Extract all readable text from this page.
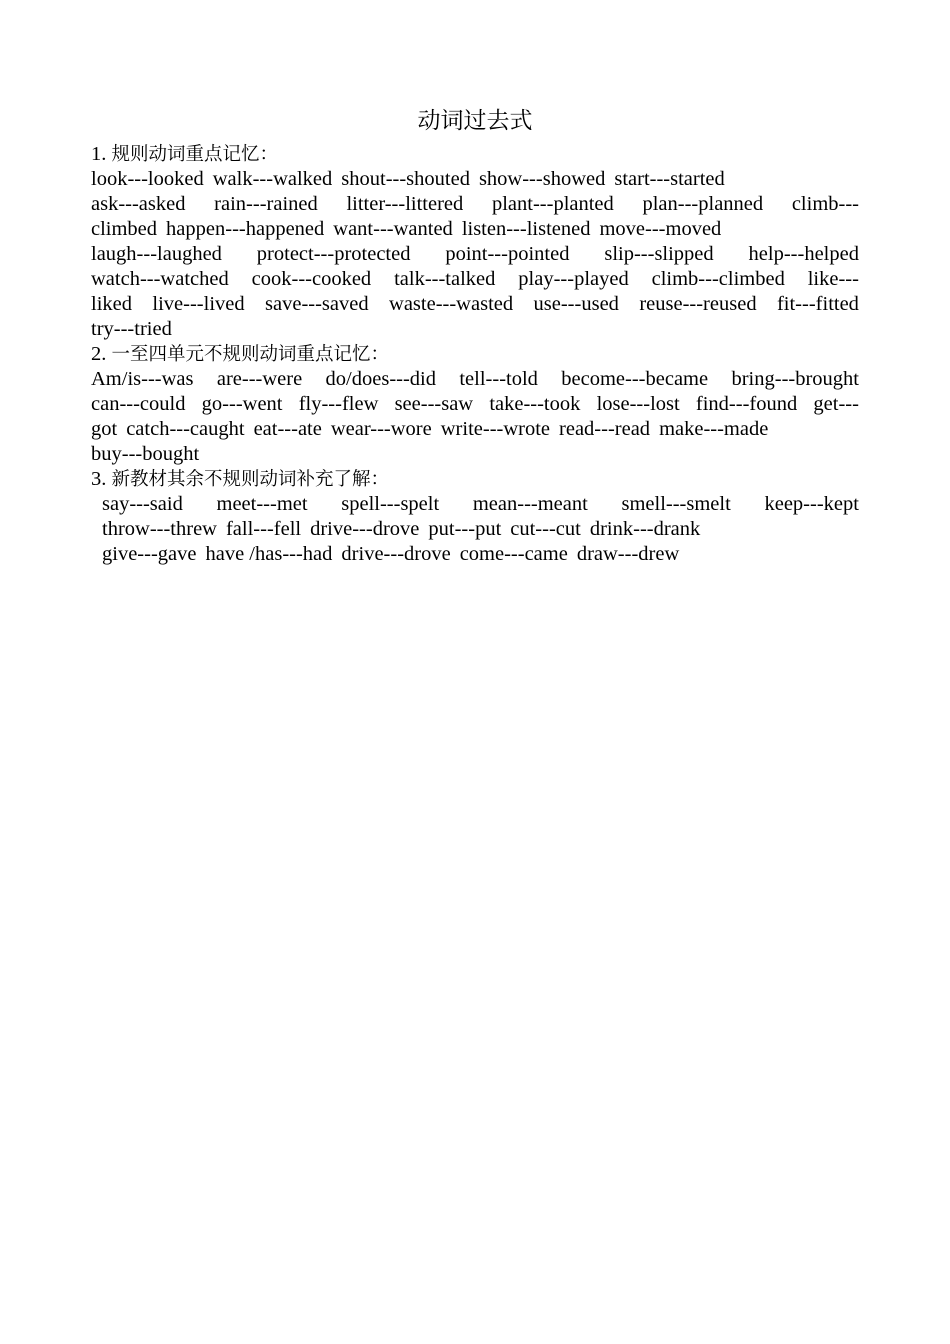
动词过去式
1. 规则动词重点记忆：
look---looked walk---walked shout---shouted show---showed start---started
ask---asked rain---rained litter---littered plant---planted plan---planned climb---
climbed happen---happened want---wanted listen---listened move---moved
laugh---laughed protect---protected point---pointed slip---slipped help---helped
watch---watched cook---cooked talk---talked play---played climb---climbed like---
liked live---lived save---saved waste---wasted use---used reuse---reused fit---fitted
try---tried
2. 一至四单元不规则动词重点记忆：
Am/is---was are---were do/does---did tell---told become---became bring---brought
can---could go---went fly---flew see---saw take---took lose---lost find---found get---
got catch---caught eat---ate wear---wore write---wrote read---read make---made
buy---bought
3. 新教材其余不规则动词补充了解：
say---said meet---met spell---spelt mean---meant smell---smelt keep---kept
throw---threw fall---fell drive---drove put---put cut---cut drink---drank
give---gave have /has---had drive---drove come---came draw---drew
